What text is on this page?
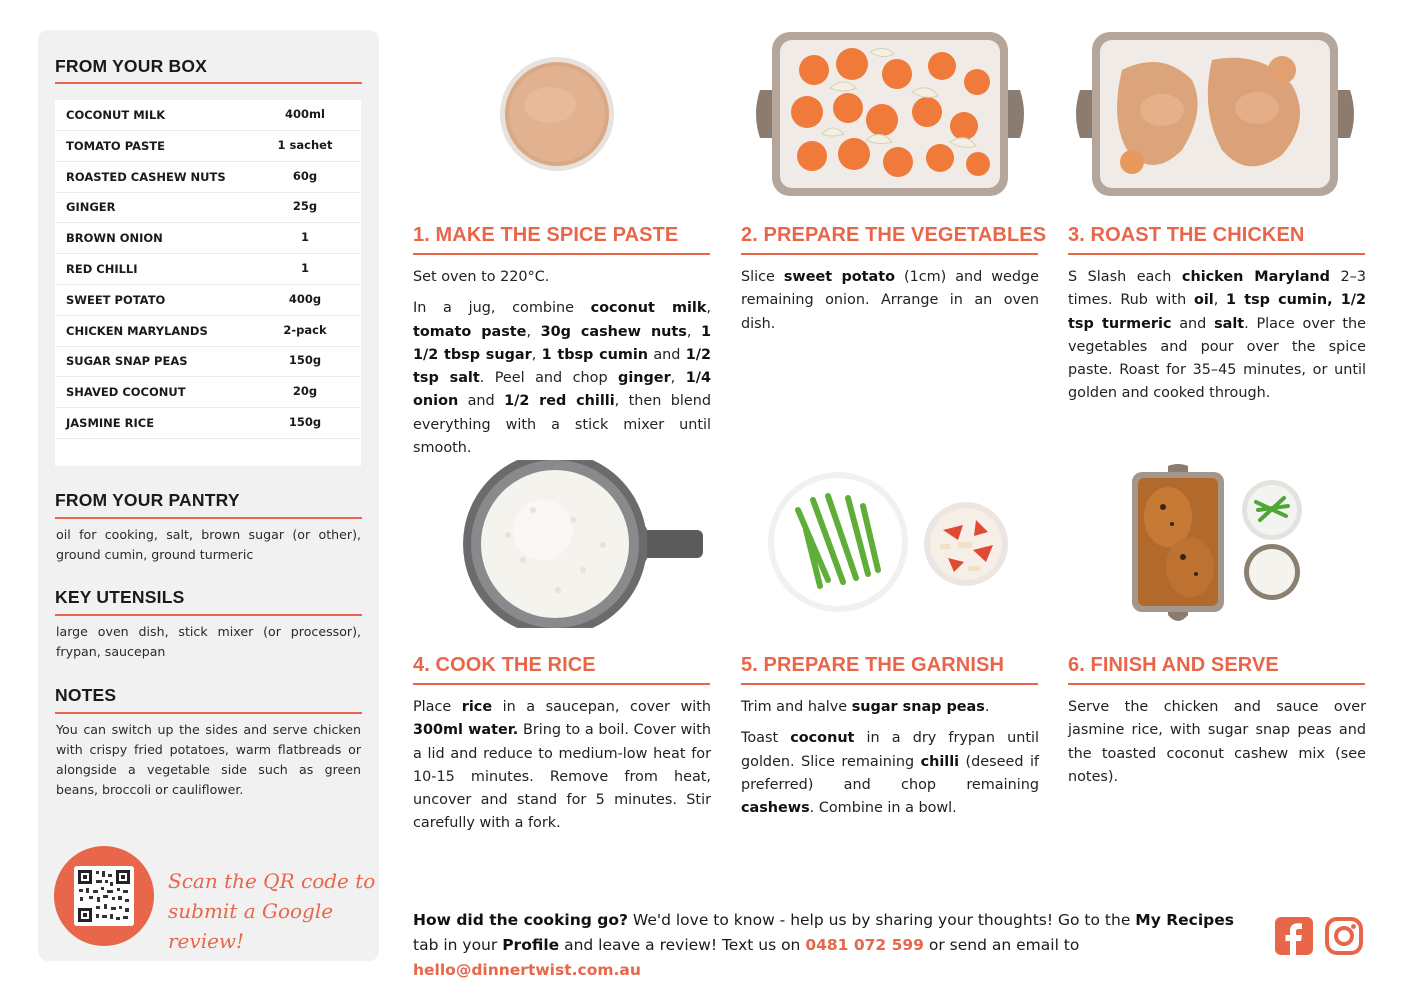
FROM YOUR BOX
COCONUT MILK	400ml
TOMATO PASTE	1 sachet
ROASTED CASHEW NUTS	60g
GINGER	25g
BROWN ONION	1
RED CHILLI	1
SWEET POTATO	400g
CHICKEN MARYLANDS	2-pack
SUGAR SNAP PEAS	150g
SHAVED COCONUT	20g
JASMINE RICE	150g
FROM YOUR PANTRY
oil for cooking, salt, brown sugar (or other), ground cumin, ground turmeric
KEY UTENSILS
large oven dish, stick mixer (or processor), frypan, saucepan
NOTES
You can switch up the sides and serve chicken with crispy fried potatoes, warm flatbreads or alongside a vegetable side such as green beans, broccoli or cauliflower.
Scan the QR code to
submit a Google review!
1. MAKE THE SPICE PASTE

Set oven to 220°C.

In a jug, combine coconut milk, tomato paste, 30g cashew nuts, 1 1/2 tbsp sugar, 1 tbsp cumin and 1/2 tsp salt. Peel and chop ginger, 1/4 onion and 1/2 red chilli, then blend everything with a stick mixer until smooth.

2. PREPARE THE VEGETABLES

Slice sweet potato (1cm) and wedge remaining onion. Arrange in an oven dish.

3. ROAST THE CHICKEN

S Slash each chicken Maryland 2–3 times. Rub with oil, 1 tsp cumin, 1/2 tsp turmeric and salt. Place over the vegetables and pour over the spice paste. Roast for 35–45 minutes, or until golden and cooked through.

4. COOK THE RICE

Place rice in a saucepan, cover with 300ml water. Bring to a boil. Cover with a lid and reduce to medium-low heat for 10-15 minutes. Remove from heat, uncover and stand for 5 minutes. Stir carefully with a fork.

5. PREPARE THE GARNISH

Trim and halve sugar snap peas.

Toast coconut in a dry frypan until golden. Slice remaining chilli (deseed if preferred) and chop remaining cashews. Combine in a bowl.

6. FINISH AND SERVE

Serve the chicken and sauce over jasmine rice, with sugar snap peas and the toasted coconut cashew mix (see notes).

How did the cooking go? We'd love to know - help us by sharing your thoughts! Go to the My Recipes tab in your Profile and leave a review! Text us on 0481 072 599 or send an email to hello@dinnertwist.com.au
